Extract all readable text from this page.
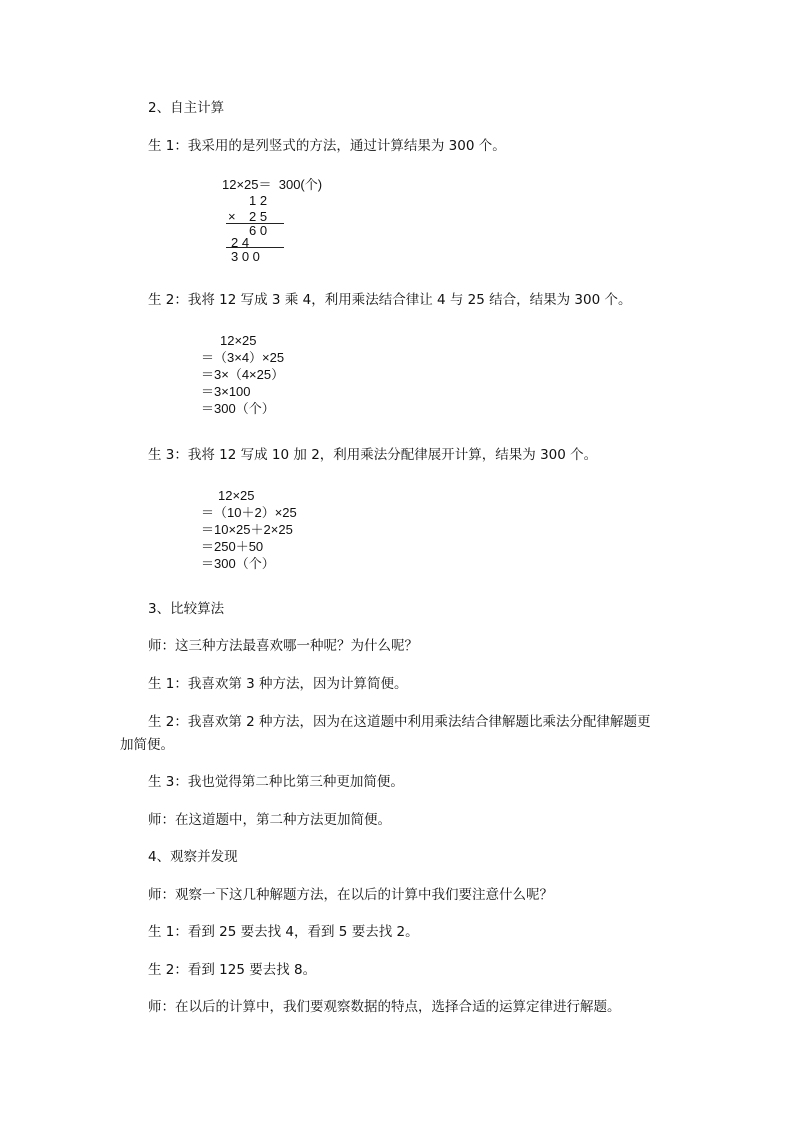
2、自主计算
生 1：我采用的是列竖式的方法，通过计算结果为 300 个。
12×25＝  300(个)
1 2
× 2 5
6 0
2 4
3 0 0
生 2：我将 12 写成 3 乘 4，利用乘法结合律让 4 与 25 结合，结果为 300 个。
12×25
＝（3×4）×25
＝3×（4×25）
＝3×100
＝300（个）
生 3：我将 12 写成 10 加 2，利用乘法分配律展开计算，结果为 300 个。
12×25
＝（10＋2）×25
＝10×25＋2×25
＝250＋50
＝300（个）
3、比较算法
师：这三种方法最喜欢哪一种呢？为什么呢？
生 1：我喜欢第 3 种方法，因为计算简便。
生 2：我喜欢第 2 种方法，因为在这道题中利用乘法结合律解题比乘法分配律解题更
加简便。
生 3：我也觉得第二种比第三种更加简便。
师：在这道题中，第二种方法更加简便。
4、观察并发现
师：观察一下这几种解题方法，在以后的计算中我们要注意什么呢？
生 1：看到 25 要去找 4，看到 5 要去找 2。
生 2：看到 125 要去找 8。
师：在以后的计算中，我们要观察数据的特点，选择合适的运算定律进行解题。
